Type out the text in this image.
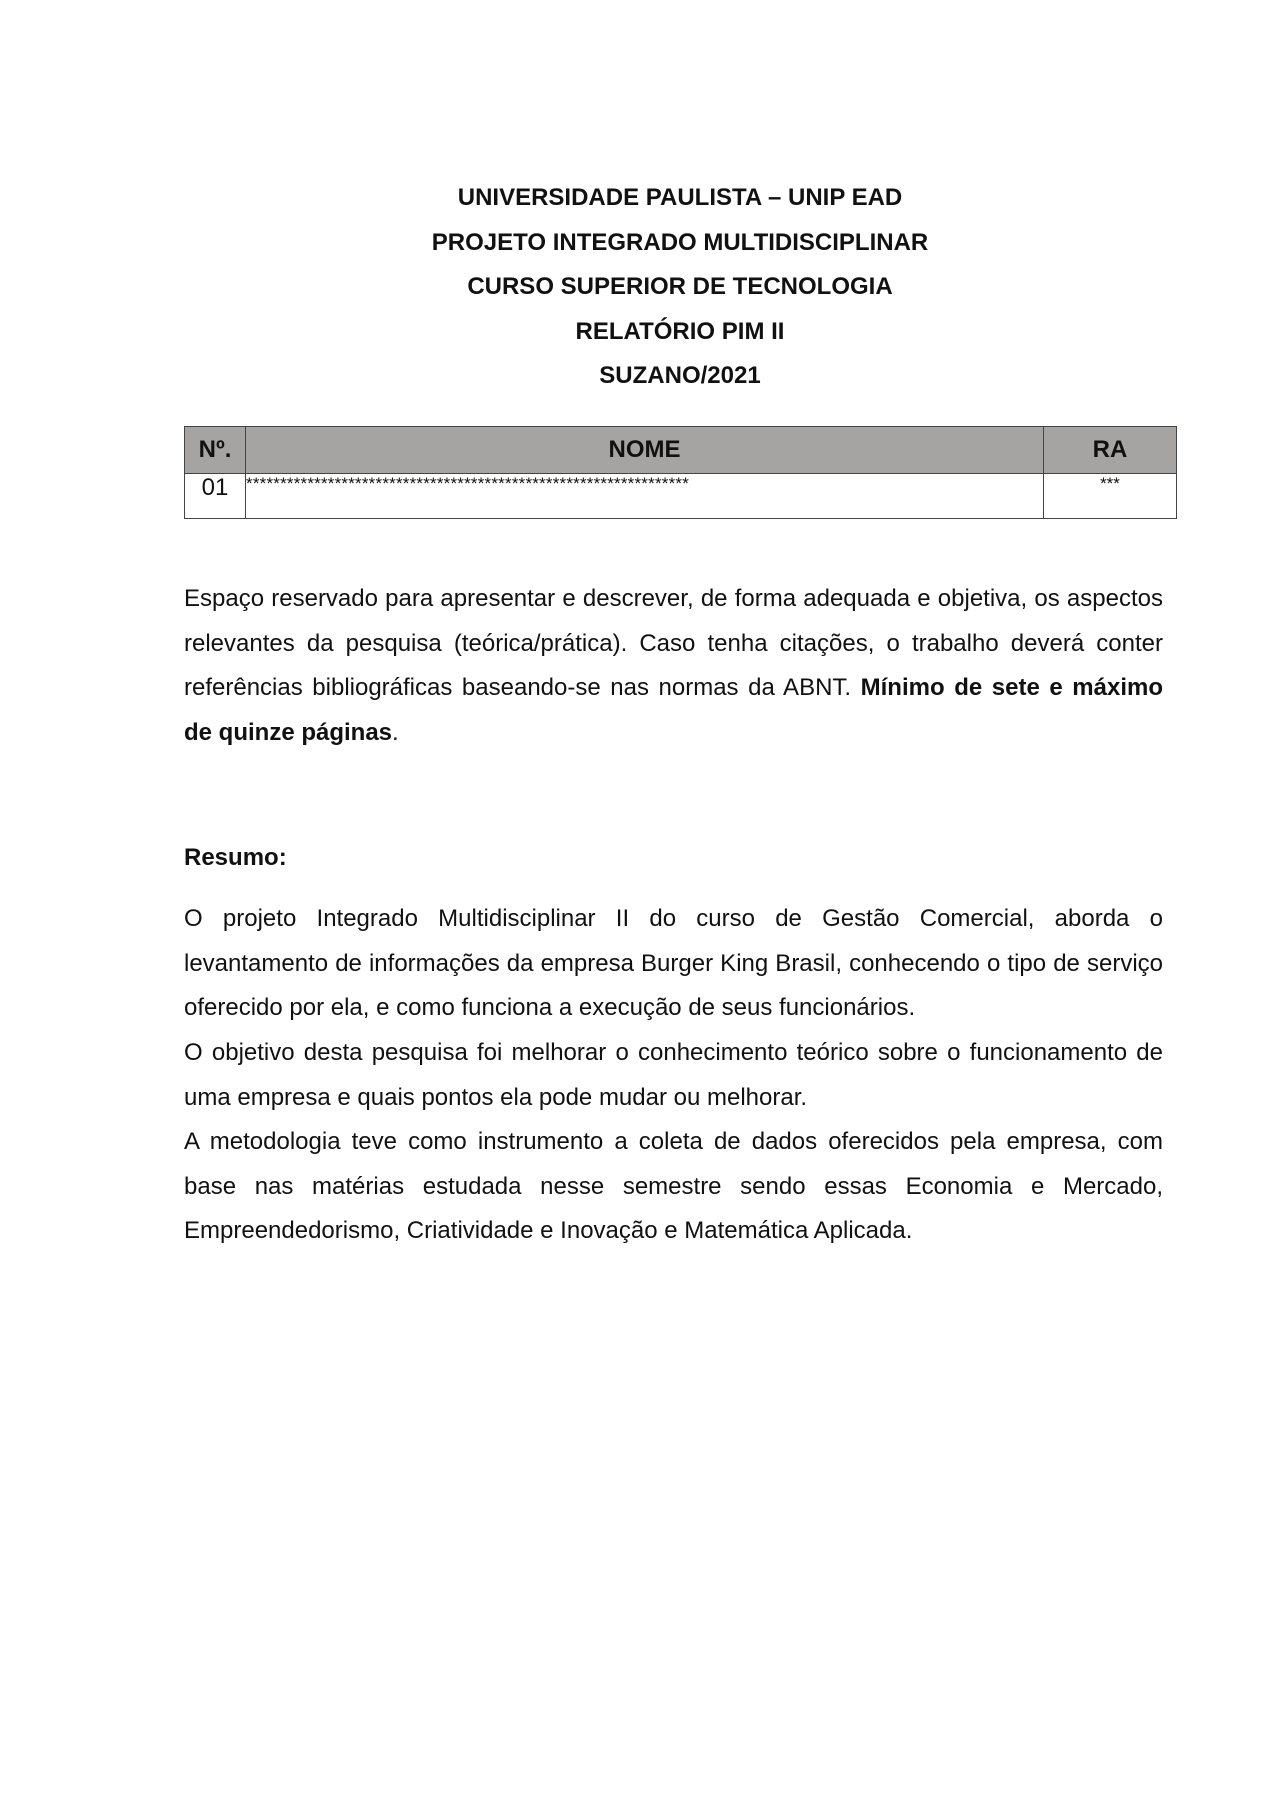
UNIVERSIDADE PAULISTA – UNIP EAD

PROJETO INTEGRADO MULTIDISCIPLINAR

CURSO SUPERIOR DE TECNOLOGIA

RELATÓRIO PIM II

SUZANO/2021

Nº.	NOME	RA
01	*****************************************************************	***

Espaço reservado para apresentar e descrever, de forma adequada e objetiva, os aspectos relevantes da pesquisa (teórica/prática). Caso tenha citações, o trabalho deverá conter referências bibliográficas baseando-se nas normas da ABNT. Mínimo de sete e máximo de quinze páginas.

Resumo:

O projeto Integrado Multidisciplinar II do curso de Gestão Comercial, aborda o levantamento de informações da empresa Burger King Brasil, conhecendo o tipo de serviço oferecido por ela, e como funciona a execução de seus funcionários.

O objetivo desta pesquisa foi melhorar o conhecimento teórico sobre o funcionamento de uma empresa e quais pontos ela pode mudar ou melhorar.

A metodologia teve como instrumento a coleta de dados oferecidos pela empresa, com base nas matérias estudada nesse semestre sendo essas Economia e Mercado, Empreendedorismo, Criatividade e Inovação e Matemática Aplicada.
